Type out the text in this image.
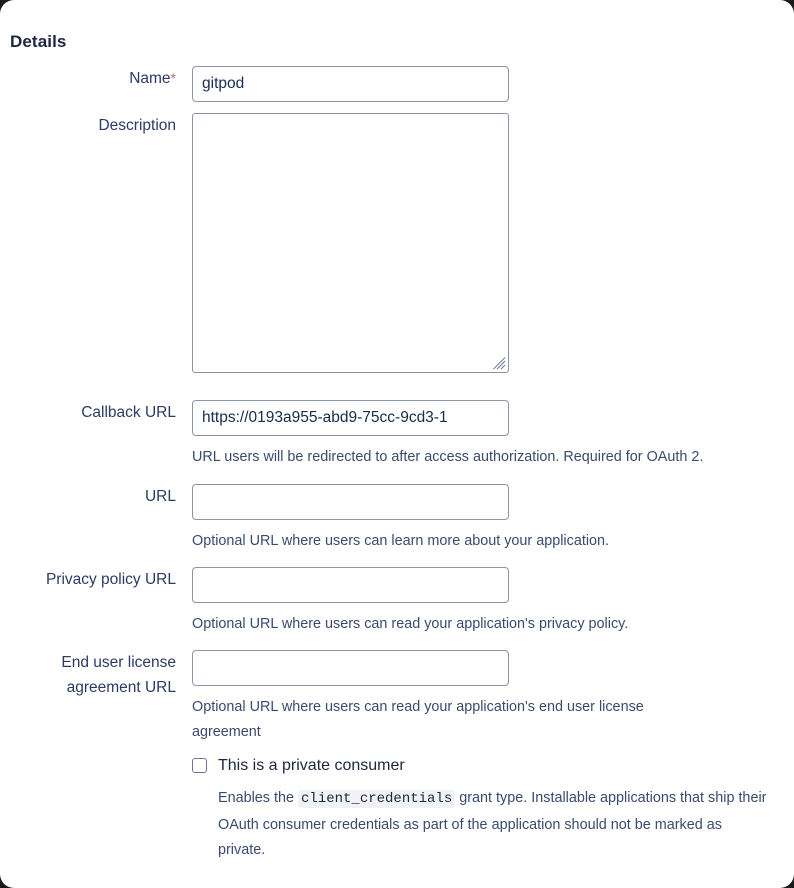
Details
Name*
gitpod
Description
Callback URL
https://0193a955-abd9-75cc-9cd3-1
URL users will be redirected to after access authorization. Required for OAuth 2.
URL
Optional URL where users can learn more about your application.
Privacy policy URL
Optional URL where users can read your application's privacy policy.
End user license
agreement URL
Optional URL where users can read your application's end user license agreement
This is a private consumer
Enables the client_credentials grant type. Installable applications that ship their OAuth consumer credentials as part of the application should not be marked as private.
